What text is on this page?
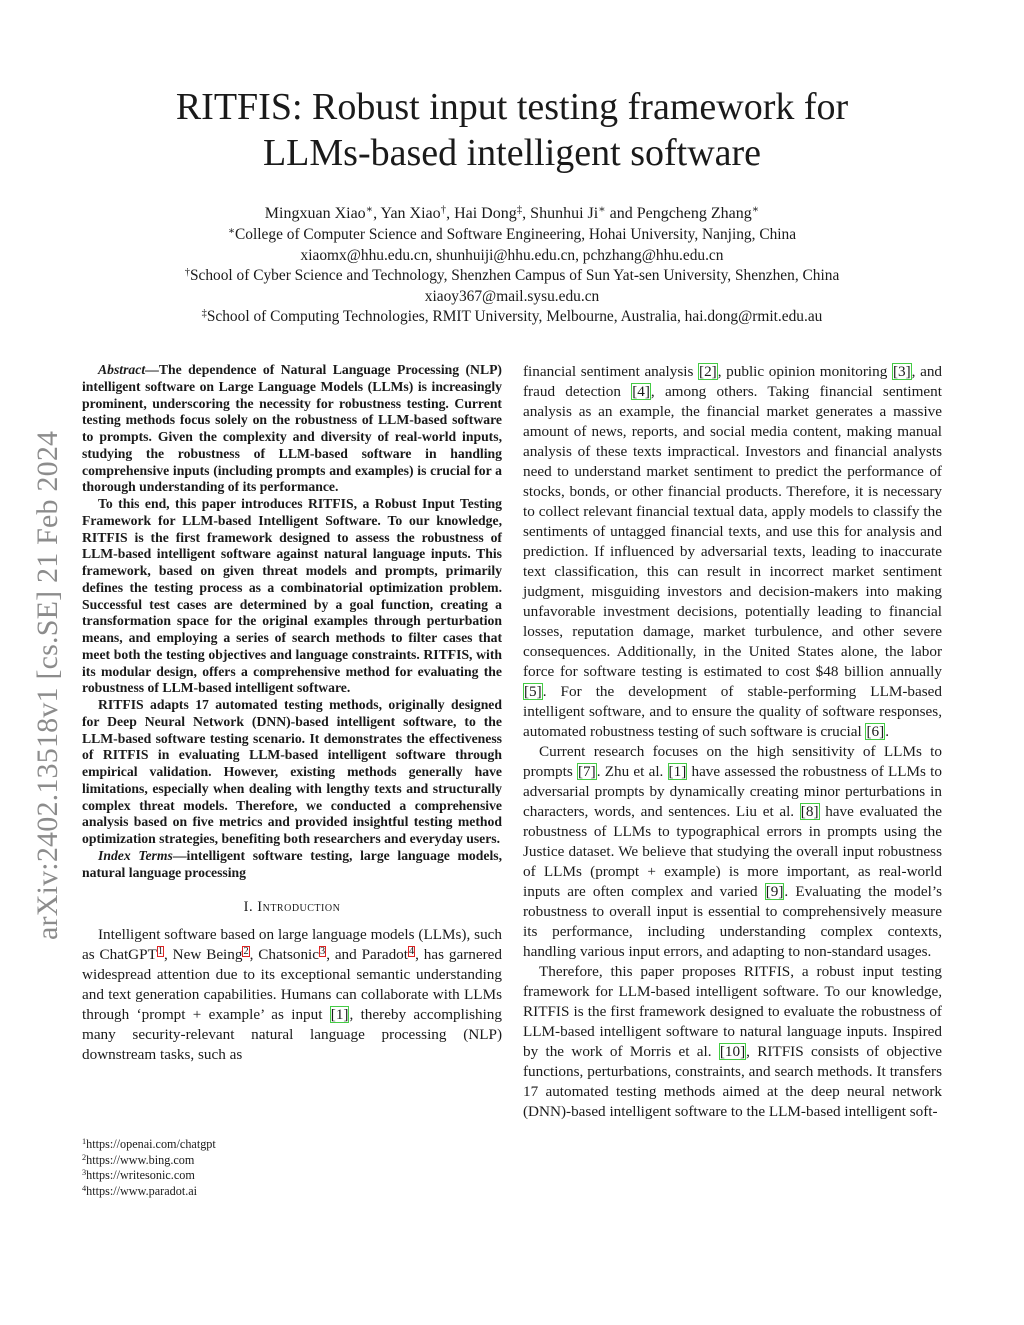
arXiv:2402.13518v1 [cs.SE] 21 Feb 2024
RITFIS: Robust input testing framework for
LLMs-based intelligent software
Mingxuan Xiao∗, Yan Xiao†, Hai Dong‡, Shunhui Ji∗ and Pengcheng Zhang∗
∗College of Computer Science and Software Engineering, Hohai University, Nanjing, China
xiaomx@hhu.edu.cn, shunhuiji@hhu.edu.cn, pchzhang@hhu.edu.cn
†School of Cyber Science and Technology, Shenzhen Campus of Sun Yat-sen University, Shenzhen, China
xiaoy367@mail.sysu.edu.cn
‡School of Computing Technologies, RMIT University, Melbourne, Australia, hai.dong@rmit.edu.au

Abstract—The dependence of Natural Language Processing (NLP) intelligent software on Large Language Models (LLMs) is increasingly prominent, underscoring the necessity for robustness testing. Current testing methods focus solely on the robustness of LLM-based software to prompts. Given the complexity and diversity of real-world inputs, studying the robustness of LLM-based software in handling comprehensive inputs (including prompts and examples) is crucial for a thorough understanding of its performance.

To this end, this paper introduces RITFIS, a Robust Input Testing Framework for LLM-based Intelligent Software. To our knowledge, RITFIS is the first framework designed to assess the robustness of LLM-based intelligent software against natural language inputs. This framework, based on given threat models and prompts, primarily defines the testing process as a combinatorial optimization problem. Successful test cases are determined by a goal function, creating a transformation space for the original examples through perturbation means, and employing a series of search methods to filter cases that meet both the testing objectives and language constraints. RITFIS, with its modular design, offers a comprehensive method for evaluating the robustness of LLM-based intelligent software.

RITFIS adapts 17 automated testing methods, originally designed for Deep Neural Network (DNN)-based intelligent software, to the LLM-based software testing scenario. It demonstrates the effectiveness of RITFIS in evaluating LLM-based intelligent software through empirical validation. However, existing methods generally have limitations, especially when dealing with lengthy texts and structurally complex threat models. Therefore, we conducted a comprehensive analysis based on five metrics and provided insightful testing method optimization strategies, benefiting both researchers and everyday users.

Index Terms—intelligent software testing, large language models, natural language processing

I. Introduction

Intelligent software based on large language models (LLMs), such as ChatGPT$^1$, New Being$^2$, Chatsonic$^3$, and Paradot$^4$, has garnered widespread attention due to its exceptional semantic understanding and text generation capabilities. Humans can collaborate with LLMs through ‘prompt + example’ as input [1], thereby accomplishing many security-relevant natural language processing (NLP) downstream tasks, such as

$^1$https://openai.com/chatgpt
$^2$https://www.bing.com
$^3$https://writesonic.com
$^4$https://www.paradot.ai

financial sentiment analysis [2], public opinion monitoring [3], and fraud detection [4], among others. Taking financial sentiment analysis as an example, the financial market generates a massive amount of news, reports, and social media content, making manual analysis of these texts impractical. Investors and financial analysts need to understand market sentiment to predict the performance of stocks, bonds, or other financial products. Therefore, it is necessary to collect relevant financial textual data, apply models to classify the sentiments of untagged financial texts, and use this for analysis and prediction. If influenced by adversarial texts, leading to inaccurate text classification, this can result in incorrect market sentiment judgment, misguiding investors and decision-makers into making unfavorable investment decisions, potentially leading to financial losses, reputation damage, market turbulence, and other severe consequences. Additionally, in the United States alone, the labor force for software testing is estimated to cost $48 billion annually [5]. For the development of stable-performing LLM-based intelligent software, and to ensure the quality of software responses, automated robustness testing of such software is crucial [6].

Current research focuses on the high sensitivity of LLMs to prompts [7]. Zhu et al. [1] have assessed the robustness of LLMs to adversarial prompts by dynamically creating minor perturbations in characters, words, and sentences. Liu et al. [8] have evaluated the robustness of LLMs to typographical errors in prompts using the Justice dataset. We believe that studying the overall input robustness of LLMs (prompt + example) is more important, as real-world inputs are often complex and varied [9]. Evaluating the model’s robustness to overall input is essential to comprehensively measure its performance, including understanding complex contexts, handling various input errors, and adapting to non-standard usages.

Therefore, this paper proposes RITFIS, a robust input testing framework for LLM-based intelligent software. To our knowledge, RITFIS is the first framework designed to evaluate the robustness of LLM-based intelligent software to natural language inputs. Inspired by the work of Morris et al. [10], RITFIS consists of objective functions, perturbations, constraints, and search methods. It transfers 17 automated testing methods aimed at the deep neural network (DNN)-based intelligent software to the LLM-based intelligent soft-
